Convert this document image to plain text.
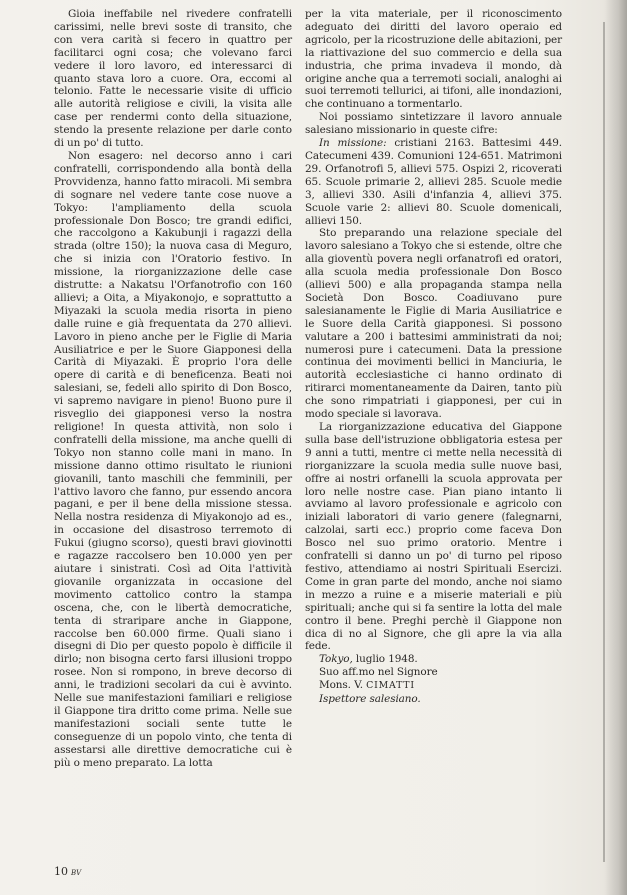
Gioia ineffabile nel rivedere confratelli carissimi, nelle brevi soste di transito, che con vera carità si fecero in quattro per facilitarci ogni cosa; che volevano farci vedere il loro lavoro, ed interessarci di quanto stava loro a cuore. Ora, eccomi al telonio. Fatte le necessarie visite di ufficio alle autorità religiose e civili, la visita alle case per rendermi conto della situazione, stendo la presente relazione per darle conto di un po' di tutto.

Non esagero: nel decorso anno i cari confratelli, corrispondendo alla bontà della Provvidenza, hanno fatto miracoli. Mi sembra di sognare nel vedere tante cose nuove a Tokyo: l'ampliamento della scuola professionale Don Bosco; tre grandi edifici, che raccolgono a Kakubunji i ragazzi della strada (oltre 150); la nuova casa di Meguro, che si inizia con l'Oratorio festivo. In missione, la riorganizzazione delle case distrutte: a Nakatsu l'Orfanotrofio con 160 allievi; a Oita, a Miyakonojo, e soprattutto a Miyazaki la scuola media risorta in pieno dalle ruine e già frequentata da 270 allievi. Lavoro in pieno anche per le Figlie di Maria Ausiliatrice e per le Suore Giapponesi della Carità di Miyazaki. È proprio l'ora delle opere di carità e di beneficenza. Beati noi salesiani, se, fedeli allo spirito di Don Bosco, vi sapremo navigare in pieno! Buono pure il risveglio dei giapponesi verso la nostra religione! In questa attività, non solo i confratelli della missione, ma anche quelli di Tokyo non stanno colle mani in mano. In missione danno ottimo risultato le riunioni giovanili, tanto maschili che femminili, per l'attivo lavoro che fanno, pur essendo ancora pagani, e per il bene della missione stessa. Nella nostra residenza di Miyakonojo ad es., in occasione del disastroso terremoto di Fukui (giugno scorso), questi bravi giovinotti e ragazze raccolsero ben 10.000 yen per aiutare i sinistrati. Così ad Oita l'attività giovanile organizzata in occasione del movimento cattolico contro la stampa oscena, che, con le libertà democratiche, tenta di straripare anche in Giappone, raccolse ben 60.000 firme. Quali siano i disegni di Dio per questo popolo è difficile il dirlo; non bisogna certo farsi illusioni troppo rosee. Non si rompono, in breve decorso di anni, le tradizioni secolari da cui è avvinto. Nelle sue manifestazioni familiari e religiose il Giappone tira dritto come prima. Nelle sue manifestazioni sociali sente tutte le conseguenze di un popolo vinto, che tenta di assestarsi alle direttive democratiche cui è più o meno preparato. La lotta

per la vita materiale, per il riconoscimento adeguato dei diritti del lavoro operaio ed agricolo, per la ricostruzione delle abitazioni, per la riattivazione del suo commercio e della sua industria, che prima invadeva il mondo, dà origine anche qua a terremoti sociali, analoghi ai suoi terremoti tellurici, ai tifoni, alle inondazioni, che continuano a tormentarlo.

Noi possiamo sintetizzare il lavoro annuale salesiano missionario in queste cifre:

In missione: cristiani 2163. Battesimi 449. Catecumeni 439. Comunioni 124-651. Matrimoni 29. Orfanotrofi 5, allievi 575. Ospizi 2, ricoverati 65. Scuole primarie 2, allievi 285. Scuole medie 3, allievi 330. Asili d'infanzia 4, allievi 375. Scuole varie 2: allievi 80. Scuole domenicali, allievi 150.

Sto preparando una relazione speciale del lavoro salesiano a Tokyo che si estende, oltre che alla gioventù povera negli orfanatrofi ed oratori, alla scuola media professionale Don Bosco (allievi 500) e alla propaganda stampa nella Società Don Bosco. Coadiuvano pure salesianamente le Figlie di Maria Ausiliatrice e le Suore della Carità giapponesi. Si possono valutare a 200 i battesimi amministrati da noi; numerosi pure i catecumeni. Data la pressione continua dei movimenti bellici in Manciuria, le autorità ecclesiastiche ci hanno ordinato di ritirarci momentaneamente da Dairen, tanto più che sono rimpatriati i giapponesi, per cui in modo speciale si lavorava.

La riorganizzazione educativa del Giappone sulla base dell'istruzione obbligatoria estesa per 9 anni a tutti, mentre ci mette nella necessità di riorganizzare la scuola media sulle nuove basi, offre ai nostri orfanelli la scuola approvata per loro nelle nostre case. Pian piano intanto li avviamo al lavoro professionale e agricolo con iniziali laboratori di vario genere (falegnarni, calzolai, sarti ecc.) proprio come faceva Don Bosco nel suo primo oratorio. Mentre i confratelli si danno un po' di turno pel riposo festivo, attendiamo ai nostri Spirituali Esercizi. Come in gran parte del mondo, anche noi siamo in mezzo a ruine e a miserie materiali e più spirituali; anche qui si fa sentire la lotta del male contro il bene. Preghi perchè il Giappone non dica di no al Signore, che gli apre la via alla fede.

Tokyo, luglio 1948.

Suo aff.mo nel Signore

Mons. V. CIMATTI

Ispettore salesiano.

10 BV
